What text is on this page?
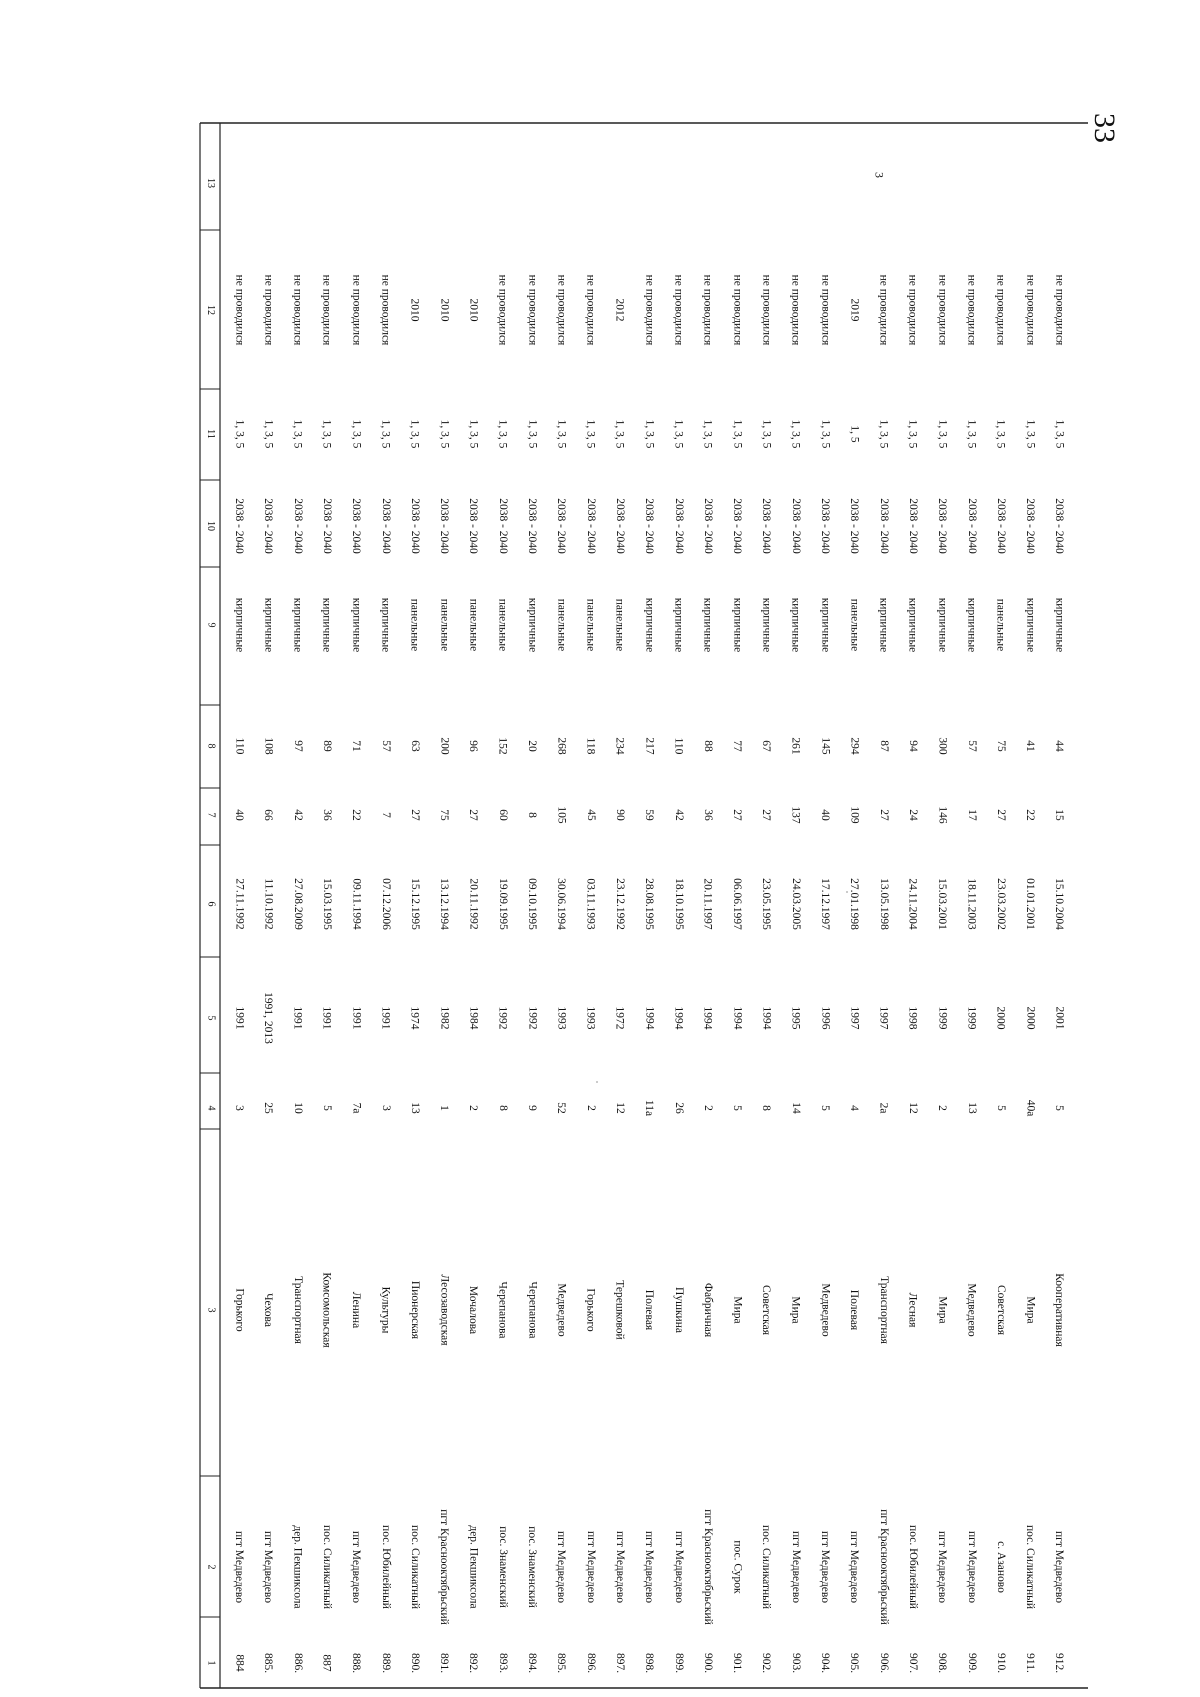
33
3
1
2
3
4
5
6
7
8
9
10
11
12
13
884
пгт Медведево
Горького
3
1991
27.11.1992
40
110
кирпичные
2038 - 2040
1, 3, 5
не проводился
885.
пгт Медведево
Чехова
25
1991, 2013
11.10.1992
66
108
кирпичные
2038 - 2040
1, 3, 5
не проводился
886.
дер. Пекшиксола
Транспортная
10
1991
27.08.2009
42
97
кирпичные
2038 - 2040
1, 3, 5
не проводился
887
пос. Силикатный
Комсомольская
5
1991
15.03.1995
36
89
кирпичные
2038 - 2040
1, 3, 5
не проводился
888.
пгт Медведево
Ленина
7а
1991
09.11.1994
22
71
кирпичные
2038 - 2040
1, 3, 5
не проводился
889.
пос. Юбилейный
Культуры
3
1991
07.12.2006
7
57
кирпичные
2038 - 2040
1, 3, 5
не проводился
890.
пос. Силикатный
Пионерская
13
1974
15.12.1995
27
63
панельные
2038 - 2040
1, 3, 5
2010
891.
пгт Краснооктябрьский
Лесозаводская
1
1982
13.12.1994
75
200
панельные
2038 - 2040
1, 3, 5
2010
892.
дер. Пекшиксола
Мочалова
2
1984
20.11.1992
27
96
панельные
2038 - 2040
1, 3, 5
2010
893.
пос. Знаменский
Черепанова
8
1992
19.09.1995
60
152
панельные
2038 - 2040
1, 3, 5
не проводился
894.
пос. Знаменский
Черепанова
9
1992
09.10.1995
8
20
кирпичные
2038 - 2040
1, 3, 5
не проводился
895.
пгт Медведево
Медведево
52
1993
30.06.1994
105
268
панельные
2038 - 2040
1, 3, 5
не проводился
896.
пгт Медведево
Горького
2
1993
03.11.1993
45
118
панельные
2038 - 2040
1, 3, 5
не проводился
897.
пгт Медведево
Терешковой
12
1972
23.12.1992
90
234
панельные
2038 - 2040
1, 3, 5
2012
898.
пгт Медведево
Полевая
11а
1994
28.08.1995
59
217
кирпичные
2038 - 2040
1, 3, 5
не проводился
899.
пгт Медведево
Пушкина
26
1994
18.10.1995
42
110
кирпичные
2038 - 2040
1, 3, 5
не проводился
900.
пгт Краснооктябрьский
Фабричная
2
1994
20.11.1997
36
88
кирпичные
2038 - 2040
1, 3, 5
не проводился
901.
пос. Сурок
Мира
5
1994
06.06.1997
27
77
кирпичные
2038 - 2040
1, 3, 5
не проводился
902.
пос. Силикатный
Советская
8
1994
23.05.1995
27
67
кирпичные
2038 - 2040
1, 3, 5
не проводился
903.
пгт Медведево
Мира
14
1995
24.03.2005
137
261
кирпичные
2038 - 2040
1, 3, 5
не проводился
904.
пгт Медведево
Медведево
5
1996
17.12.1997
40
145
кирпичные
2038 - 2040
1, 3, 5
не проводился
905.
пгт Медведево
Полевая
4
1997
27.01.1998
109
294
панельные
2038 - 2040
1, 5
2019
906.
пгт Краснооктябрьский
Транспортная
2а
1997
13.05.1998
27
87
кирпичные
2038 - 2040
1, 3, 5
не проводился
907.
пос. Юбилейный
Лесная
12
1998
24.11.2004
24
94
кирпичные
2038 - 2040
1, 3, 5
не проводился
908.
пгт Медведево
Мира
2
1999
15.03.2001
146
300
кирпичные
2038 - 2040
1, 3, 5
не проводился
909.
пгт Медведево
Медведево
13
1999
18.11.2003
17
57
кирпичные
2038 - 2040
1, 3, 5
не проводился
910.
с. Азаново
Советская
5
2000
23.03.2002
27
75
панельные
2038 - 2040
1, 3, 5
не проводился
911.
пос. Силикатный
Мира
40а
2000
01.01.2001
22
41
кирпичные
2038 - 2040
1, 3, 5
не проводился
912.
пгт Медведево
Кооперативная
5
2001
15.10.2004
15
44
кирпичные
2038 - 2040
1, 3, 5
не проводился
